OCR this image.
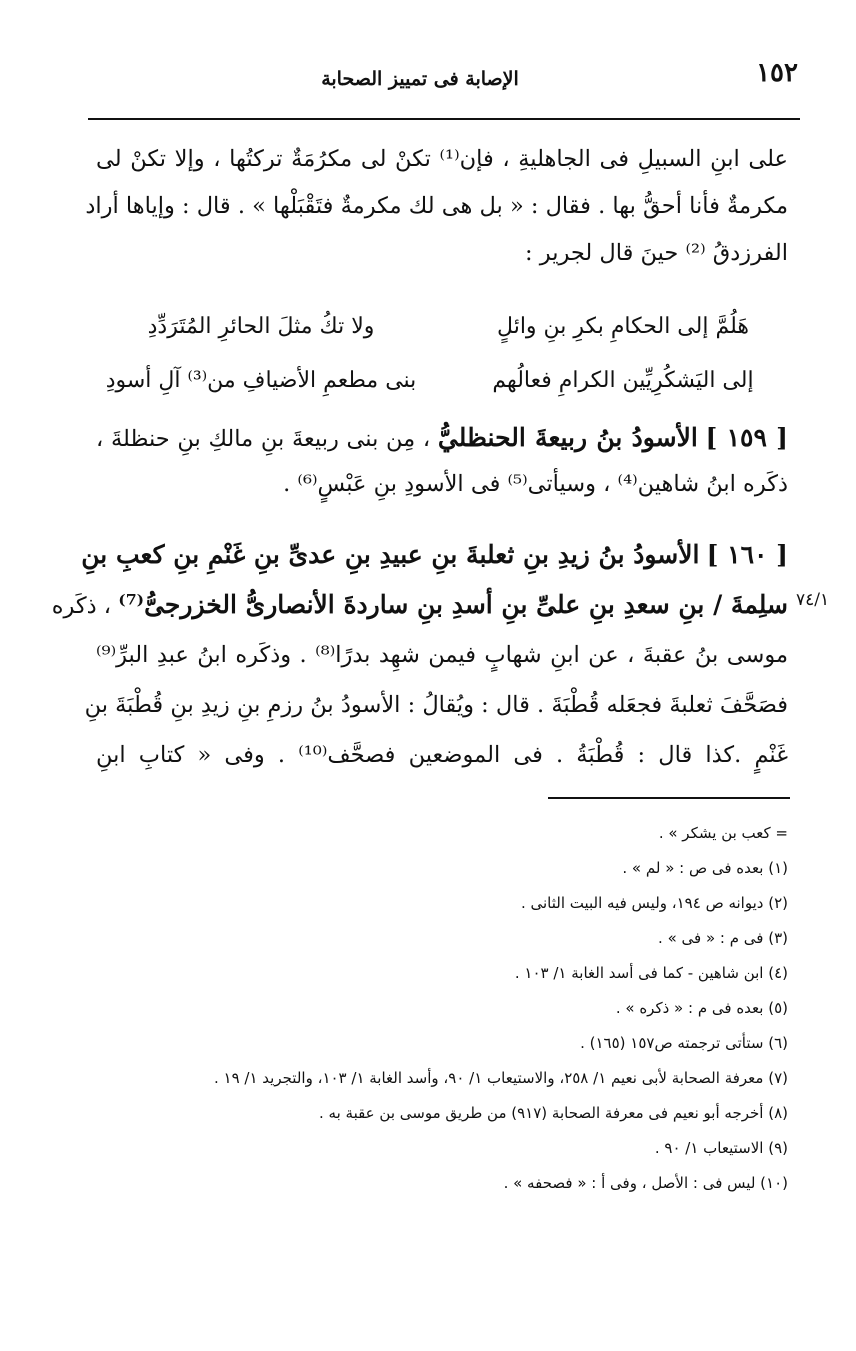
١٥٢
الإصابة فى تمييز الصحابة
على ابنِ السبيلِ فى الجاهليةِ ، فإن⁽¹⁾ تكنْ لى مكرُمَةٌ تركتُها ، وإلا تكنْ لى
مكرمةٌ فأنا أحقُّ بها . فقال : « بل هى لك مكرمةٌ فتَقْبَلْها » . قال : وإياها أراد
الفرزدقُ ⁽²⁾ حينَ قال لجرير :
هَلُمَّ إلى الحكامِ بكرِ بنِ وائلٍ
ولا تكُ مثلَ الحائرِ المُتَرَدِّدِ
إلى اليَشكُرِيِّين الكرامِ فعالُهم
بنى مطعمِ الأضيافِ من⁽³⁾ آلِ أسودِ
[ ١٥٩ ] الأسودُ بنُ ربيعةَ الحنظليُّ ، مِن بنى ربيعةَ بنِ مالكِ بنِ حنظلةَ ،
ذكَره ابنُ شاهين⁽⁴⁾ ، وسيأتى⁽⁵⁾ فى الأسودِ بنِ عَبْسٍ⁽⁶⁾ .
[ ١٦٠ ] الأسودُ بنُ زيدِ بنِ ثعلبةَ بنِ عبيدِ بنِ عدىِّ بنِ غَنْمِ بنِ كعبِ بنِ
سلِمةَ / بنِ سعدِ بنِ علىِّ بنِ أسدِ بنِ ساردةَ الأنصارىُّ الخزرجىُّ⁽⁷⁾ ، ذكَره
موسى بنُ عقبةَ ، عن ابنِ شهابٍ فيمن شهِد بدرًا⁽⁸⁾ . وذكَره ابنُ عبدِ البرِّ⁽⁹⁾
فصَحَّفَ ثعلبةَ فجعَله قُطْبَةَ . قال : ويُقالُ : الأسودُ بنُ رزمِ بنِ زيدِ بنِ قُطْبَةَ بنِ
غَنْمٍ .كذا قال : قُطْبَةُ . فى الموضعين فصحَّف⁽¹⁰⁾ . وفى « كتابِ ابنِ
٧٤/١
= كعب بن يشكر » .
(١) بعده فى ص : « لم » .
(٢) ديوانه ص ١٩٤، وليس فيه البيت الثانى .
(٣) فى م : « فى » .
(٤) ابن شاهين - كما فى أسد الغابة ١/ ١٠٣ .
(٥) بعده فى م : « ذكره » .
(٦) ستأتى ترجمته ص١٥٧ (١٦٥) .
(٧) معرفة الصحابة لأبى نعيم ١/ ٢٥٨، والاستيعاب ١/ ٩٠، وأسد الغابة ١/ ١٠٣، والتجريد ١/ ١٩ .
(٨) أخرجه أبو نعيم فى معرفة الصحابة (٩١٧) من طريق موسى بن عقبة به .
(٩) الاستيعاب ١/ ٩٠ .
(١٠) ليس فى : الأصل ، وفى أ : « فصحفه » .
